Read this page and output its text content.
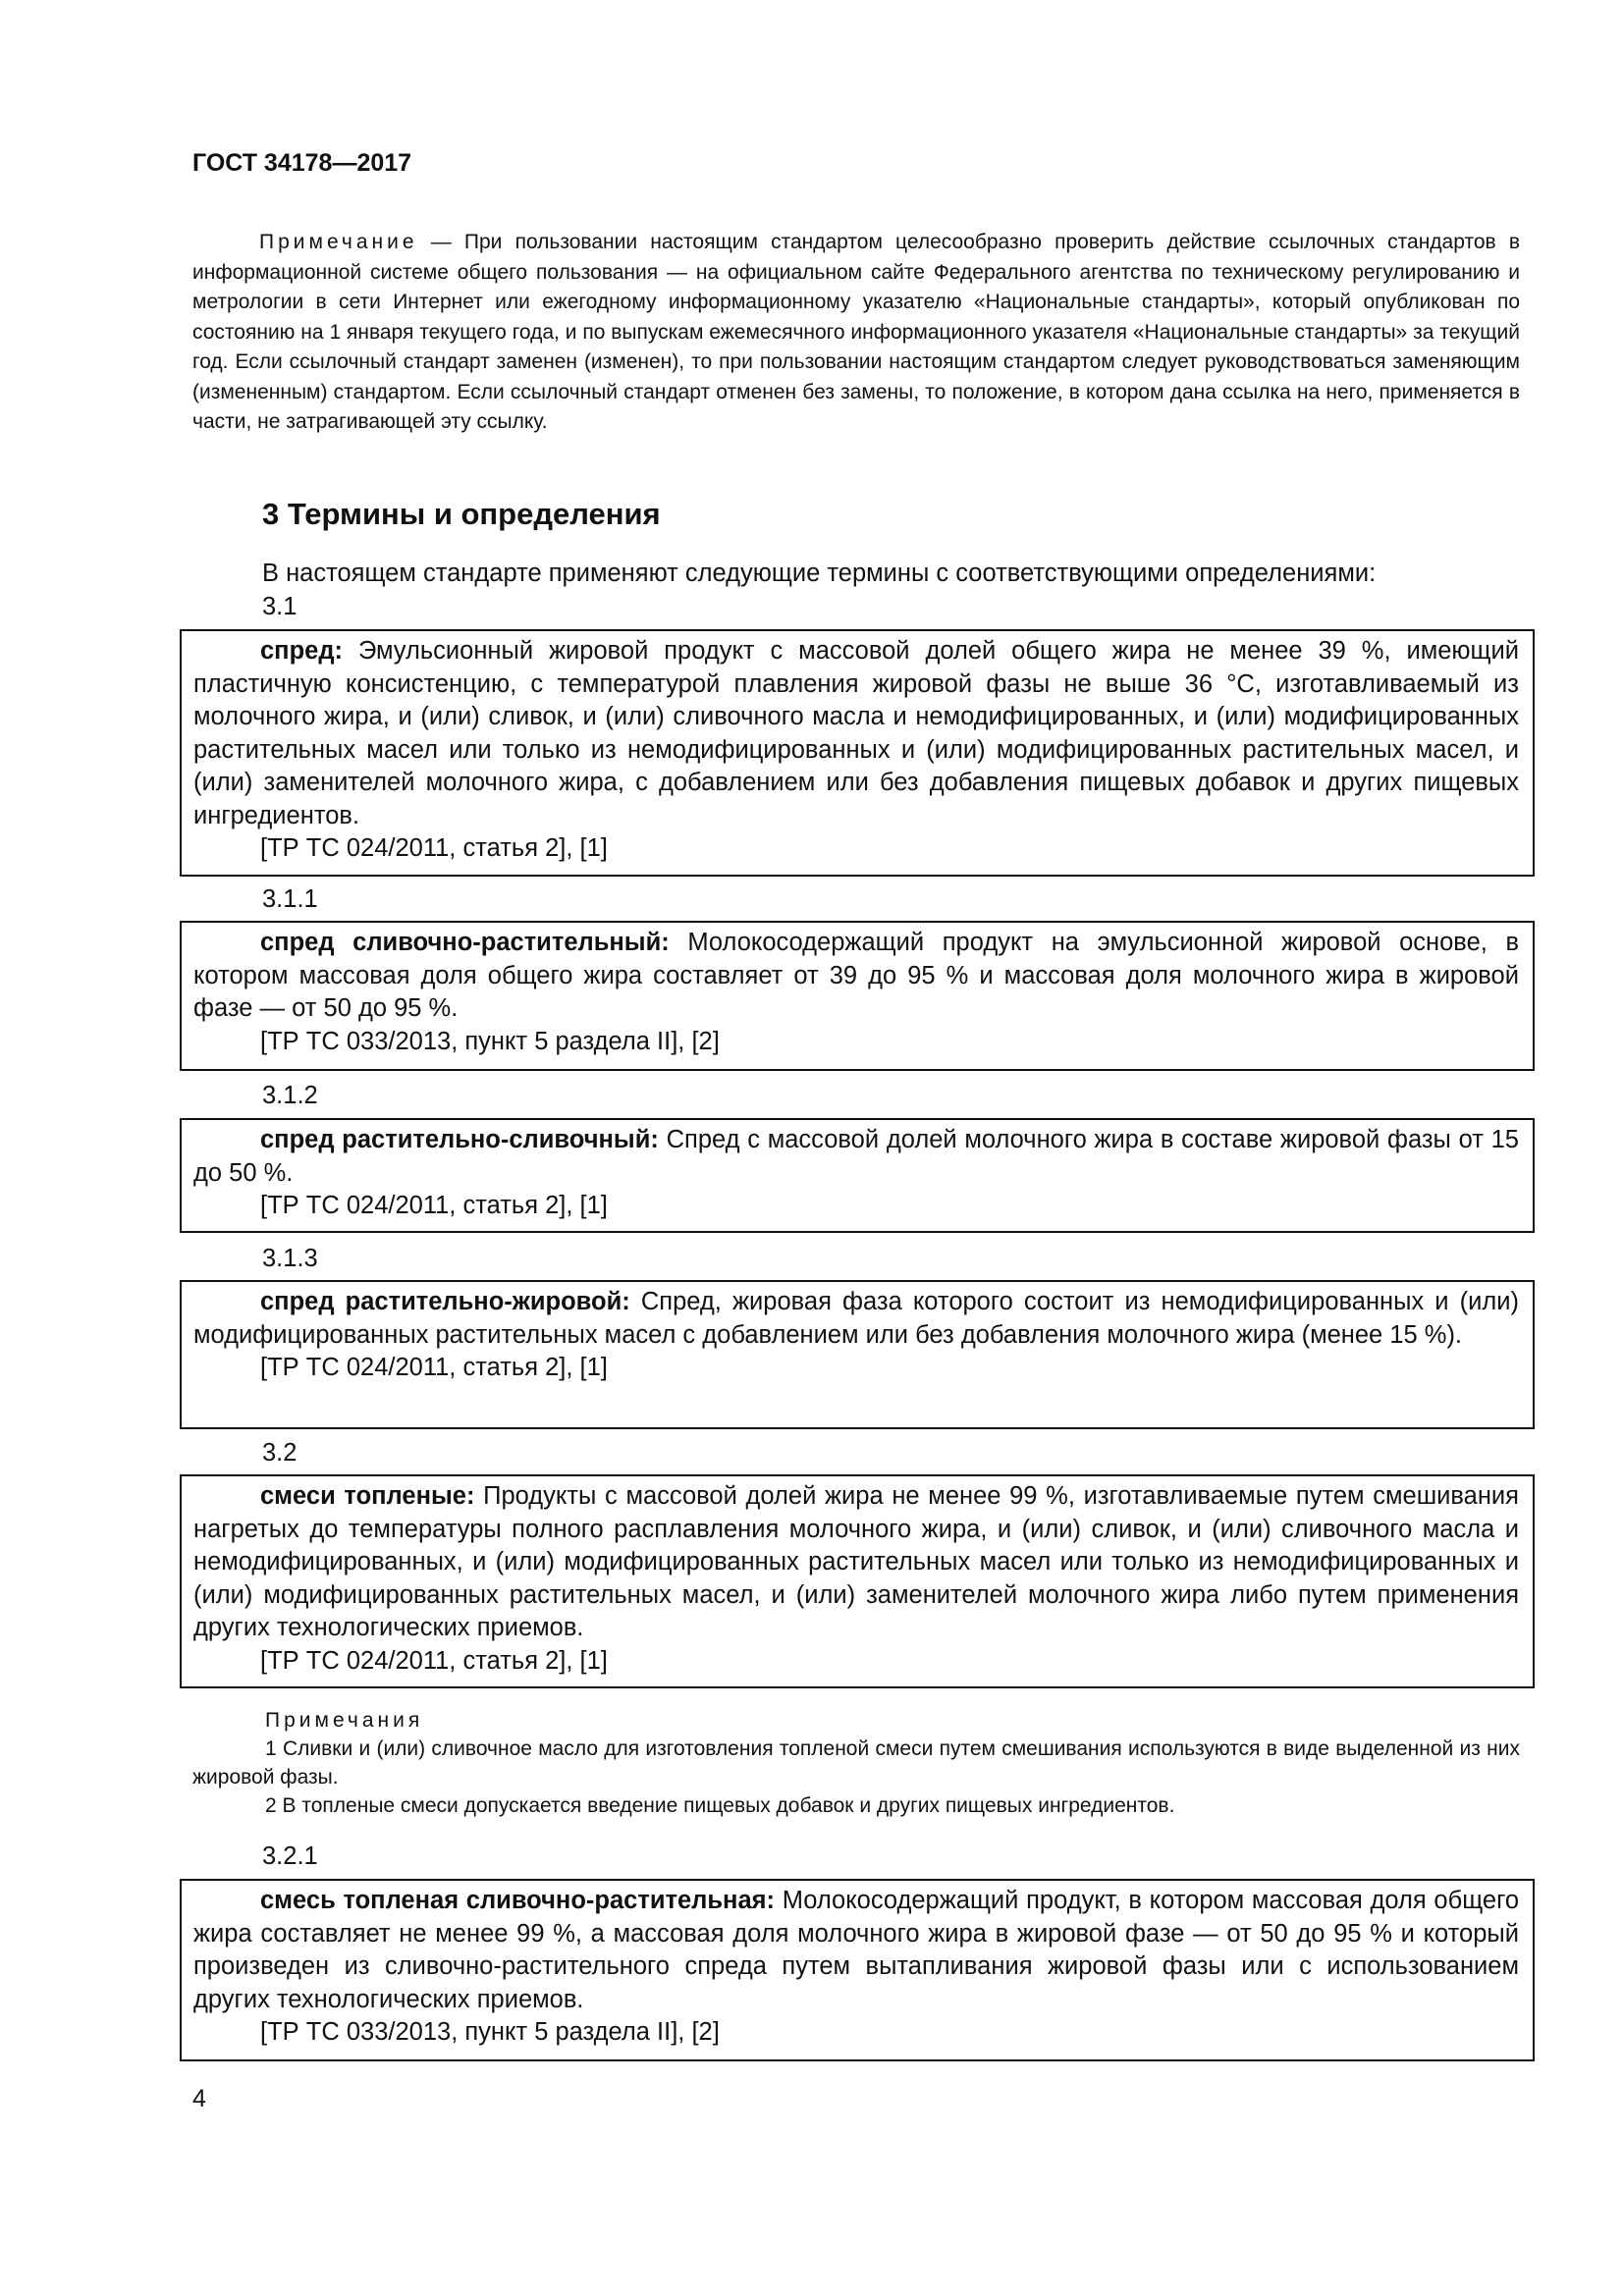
ГОСТ 34178—2017

Примечание — При пользовании настоящим стандартом целесообразно проверить действие ссылочных стандартов в информационной системе общего пользования — на официальном сайте Федерального агентства по техническому регулированию и метрологии в сети Интернет или ежегодному информационному указателю «Национальные стандарты», который опубликован по состоянию на 1 января текущего года, и по выпускам ежемесячного информационного указателя «Национальные стандарты» за текущий год. Если ссылочный стандарт заменен (изменен), то при пользовании настоящим стандартом следует руководствоваться заменяющим (измененным) стандартом. Если ссылочный стандарт отменен без замены, то положение, в котором дана ссылка на него, применяется в части, не затрагивающей эту ссылку.

3 Термины и определения
В настоящем стандарте применяют следующие термины с соответствующими определениями:
3.1

спред: Эмульсионный жировой продукт с массовой долей общего жира не менее 39 %, имеющий пластичную консистенцию, с температурой плавления жировой фазы не выше 36 °С, изготавливаемый из молочного жира, и (или) сливок, и (или) сливочного масла и немодифицированных, и (или) модифицированных растительных масел или только из немодифицированных и (или) модифицированных растительных масел, и (или) заменителей молочного жира, с добавлением или без добавления пищевых добавок и других пищевых ингредиентов.

[ТР ТС 024/2011, статья 2], [1]

3.1.1

спред сливочно-растительный: Молокосодержащий продукт на эмульсионной жировой основе, в котором массовая доля общего жира составляет от 39 до 95 % и массовая доля молочного жира в жировой фазе — от 50 до 95 %.

[ТР ТС 033/2013, пункт 5 раздела II], [2]

3.1.2

спред растительно-сливочный: Спред с массовой долей молочного жира в составе жировой фазы от 15 до 50 %.

[ТР ТС 024/2011, статья 2], [1]

3.1.3

спред растительно-жировой: Спред, жировая фаза которого состоит из немодифицированных и (или) модифицированных растительных масел с добавлением или без добавления молочного жира (менее 15 %).

[ТР ТС 024/2011, статья 2], [1]

3.2

смеси топленые: Продукты с массовой долей жира не менее 99 %, изготавливаемые путем смешивания нагретых до температуры полного расплавления молочного жира, и (или) сливок, и (или) сливочного масла и немодифицированных, и (или) модифицированных растительных масел или только из немодифицированных и (или) модифицированных растительных масел, и (или) заменителей молочного жира либо путем применения других технологических приемов.

[ТР ТС 024/2011, статья 2], [1]

Примечания

1 Сливки и (или) сливочное масло для изготовления топленой смеси путем смешивания используются в виде выделенной из них жировой фазы.

2 В топленые смеси допускается введение пищевых добавок и других пищевых ингредиентов.

3.2.1

смесь топленая сливочно-растительная: Молокосодержащий продукт, в котором массовая доля общего жира составляет не менее 99 %, а массовая доля молочного жира в жировой фазе — от 50 до 95 % и который произведен из сливочно-растительного спреда путем вытапливания жировой фазы или с использованием других технологических приемов.

[ТР ТС 033/2013, пункт 5 раздела II], [2]

4
